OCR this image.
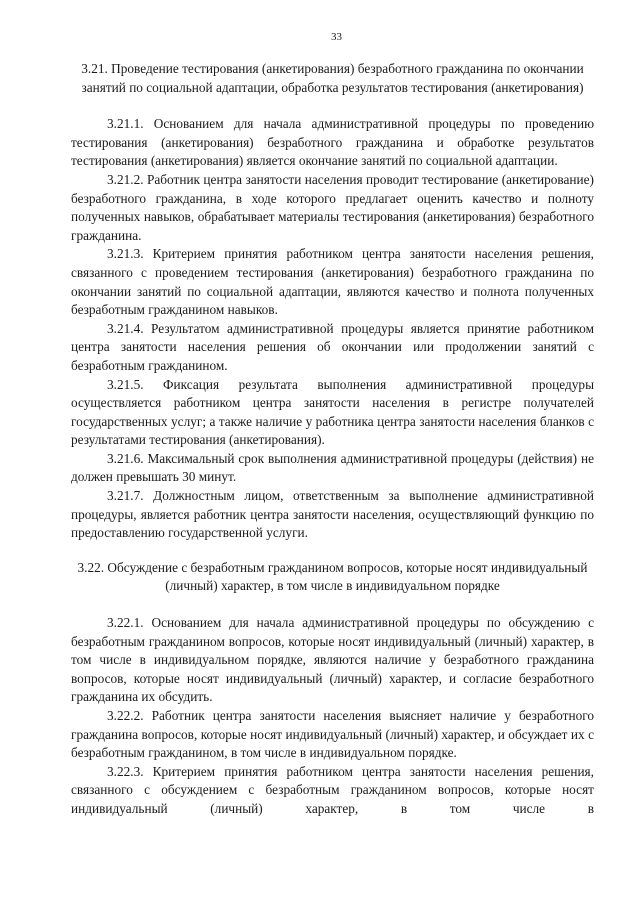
33
3.21. Проведение тестирования (анкетирования) безработного гражданина по окончании занятий по социальной адаптации, обработка результатов тестирования (анкетирования)

3.21.1. Основанием для начала административной процедуры по проведению тестирования (анкетирования) безработного гражданина и обработке результатов тестирования (анкетирования) является окончание занятий по социальной адаптации.

3.21.2. Работник центра занятости населения проводит тестирование (анкетирование) безработного гражданина, в ходе которого предлагает оценить качество и полноту полученных навыков, обрабатывает материалы тестирования (анкетирования) безработного гражданина.

3.21.3. Критерием принятия работником центра занятости населения решения, связанного с проведением тестирования (анкетирования) безработного гражданина по окончании занятий по социальной адаптации, являются качество и полнота полученных безработным гражданином навыков.

3.21.4. Результатом административной процедуры является принятие работником центра занятости населения решения об окончании или продолжении занятий с безработным гражданином.

3.21.5. Фиксация результата выполнения административной процедуры осуществляется работником центра занятости населения в регистре получателей государственных услуг; а также наличие у работника центра занятости населения бланков с результатами тестирования (анкетирования).

3.21.6. Максимальный срок выполнения административной процедуры (действия) не должен превышать 30 минут.

3.21.7. Должностным лицом, ответственным за выполнение административной процедуры, является работник центра занятости населения, осуществляющий функцию по предоставлению государственной услуги.

3.22. Обсуждение с безработным гражданином вопросов, которые носят индивидуальный (личный) характер, в том числе в индивидуальном порядке

3.22.1. Основанием для начала административной процедуры по обсуждению с безработным гражданином вопросов, которые носят индивидуальный (личный) характер, в том числе в индивидуальном порядке, являются наличие у безработного гражданина вопросов, которые носят индивидуальный (личный) характер, и согласие безработного гражданина их обсудить.

3.22.2. Работник центра занятости населения выясняет наличие у безработного гражданина вопросов, которые носят индивидуальный (личный) характер, и обсуждает их с безработным гражданином, в том числе в индивидуальном порядке.

3.22.3. Критерием принятия работником центра занятости населения решения, связанного с обсуждением с безработным гражданином вопросов, которые носят индивидуальный (личный) характер, в том числе в
